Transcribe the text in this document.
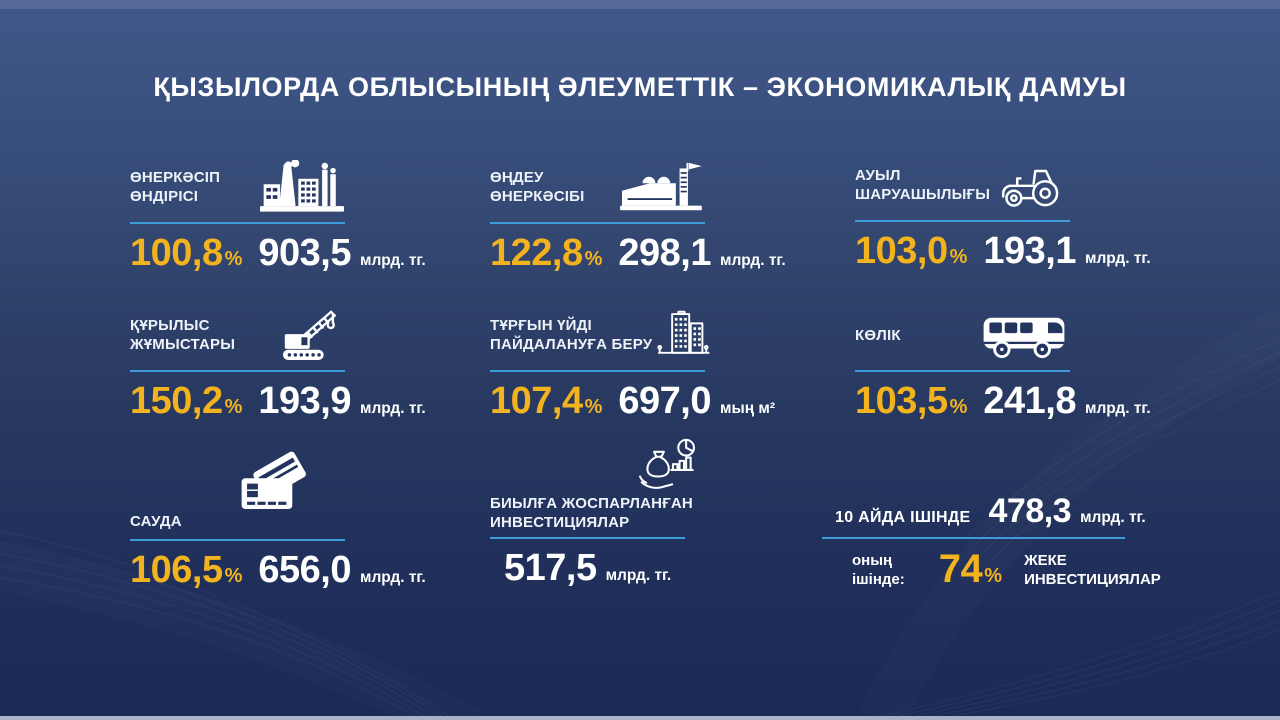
ҚЫЗЫЛОРДА ОБЛЫСЫНЫҢ ӘЛЕУМЕТТІК – ЭКОНОМИКАЛЫҚ ДАМУЫ
ӨНЕРКӘСІП
ӨНДІРІСІ
100,8 % 903,5 млрд. тг.
ӨҢДЕУ
ӨНЕРКӘСІБІ
122,8 % 298,1 млрд. тг.
АУЫЛ
ШАРУАШЫЛЫҒЫ
103,0 % 193,1 млрд. тг.
ҚҰРЫЛЫС
ЖҰМЫСТАРЫ
150,2 % 193,9 млрд. тг.
ТҰРҒЫН ҮЙДІ
ПАЙДАЛАНУҒА БЕРУ
107,4 % 697,0 мың м²
КӨЛІК
103,5 % 241,8 млрд. тг.
САУДА
106,5 % 656,0 млрд. тг.
БИЫЛҒА ЖОСПАРЛАНҒАН
ИНВЕСТИЦИЯЛАР
517,5 млрд. тг.
10 АЙДА ІШІНДЕ 478,3 млрд. тг.
оның
ішінде: 74 %
ЖЕКЕ
ИНВЕСТИЦИЯЛАР
